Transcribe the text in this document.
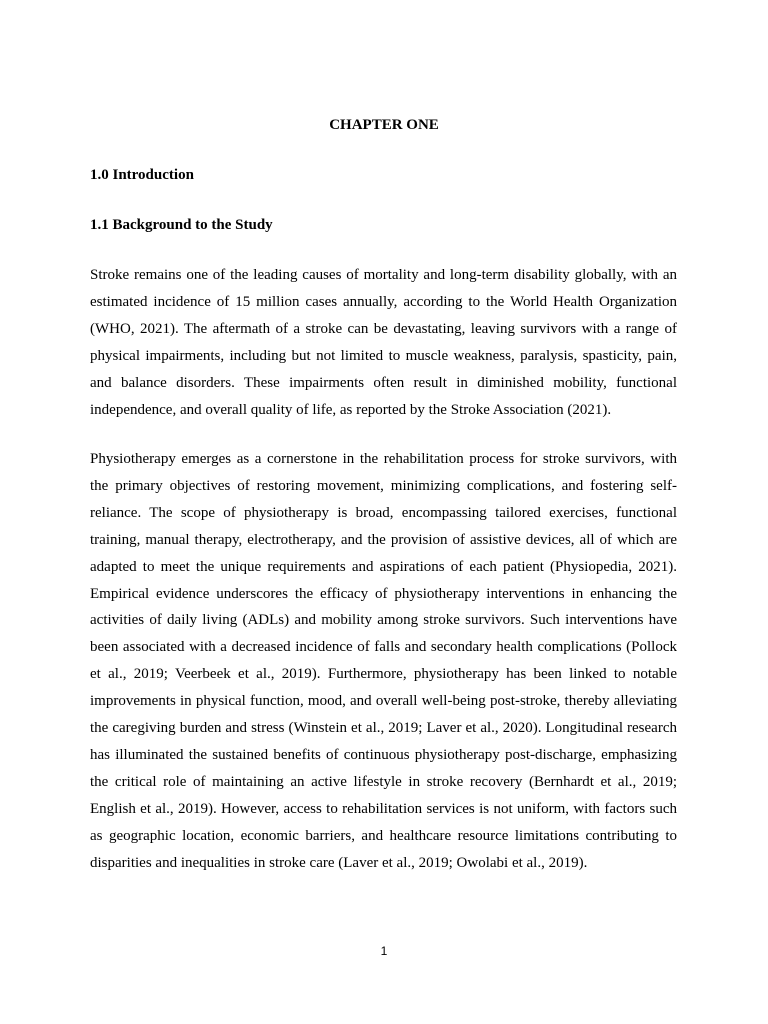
CHAPTER ONE
1.0 Introduction
1.1 Background to the Study

Stroke remains one of the leading causes of mortality and long-term disability globally, with an estimated incidence of 15 million cases annually, according to the World Health Organization (WHO, 2021). The aftermath of a stroke can be devastating, leaving survivors with a range of physical impairments, including but not limited to muscle weakness, paralysis, spasticity, pain, and balance disorders. These impairments often result in diminished mobility, functional independence, and overall quality of life, as reported by the Stroke Association (2021).

Physiotherapy emerges as a cornerstone in the rehabilitation process for stroke survivors, with the primary objectives of restoring movement, minimizing complications, and fostering self-reliance. The scope of physiotherapy is broad, encompassing tailored exercises, functional training, manual therapy, electrotherapy, and the provision of assistive devices, all of which are adapted to meet the unique requirements and aspirations of each patient (Physiopedia, 2021). Empirical evidence underscores the efficacy of physiotherapy interventions in enhancing the activities of daily living (ADLs) and mobility among stroke survivors. Such interventions have been associated with a decreased incidence of falls and secondary health complications (Pollock et al., 2019; Veerbeek et al., 2019). Furthermore, physiotherapy has been linked to notable improvements in physical function, mood, and overall well-being post-stroke, thereby alleviating the caregiving burden and stress (Winstein et al., 2019; Laver et al., 2020). Longitudinal research has illuminated the sustained benefits of continuous physiotherapy post-discharge, emphasizing the critical role of maintaining an active lifestyle in stroke recovery (Bernhardt et al., 2019; English et al., 2019). However, access to rehabilitation services is not uniform, with factors such as geographic location, economic barriers, and healthcare resource limitations contributing to disparities and inequalities in stroke care (Laver et al., 2019; Owolabi et al., 2019).

1
